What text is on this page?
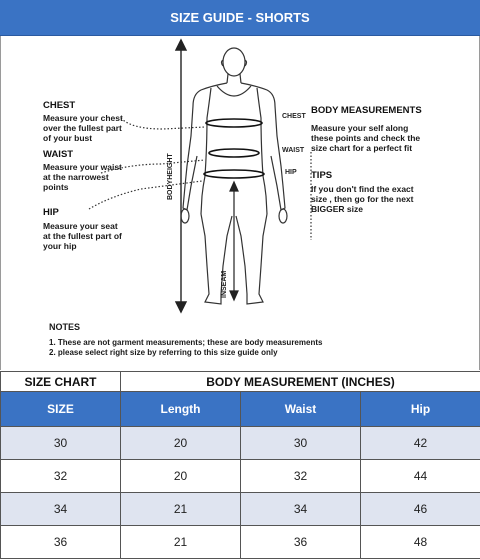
SIZE GUIDE - SHORTS
CHEST
Measure your chest
over the fullest part
of your bust
WAIST
Measure your waist
at the narrowest
points
HIP
Measure your seat
at the fullest part of
your hip
CHEST
WAIST
HIP
BODYHEIGHT
INSEAM
BODY MEASUREMENTS
Measure your self along
these points and check the
size chart for a perfect fit
TIPS
If you don't find the exact
size , then go for the next
BIGGER size
NOTES
1. These are not garment measurements; these are body measurements
2. please select right size by referring to this size guide only
SIZE CHART	BODY MEASUREMENT (INCHES)		
SIZE	Length	Waist	Hip
30	20	30	42
32	20	32	44
34	21	34	46
36	21	36	48
